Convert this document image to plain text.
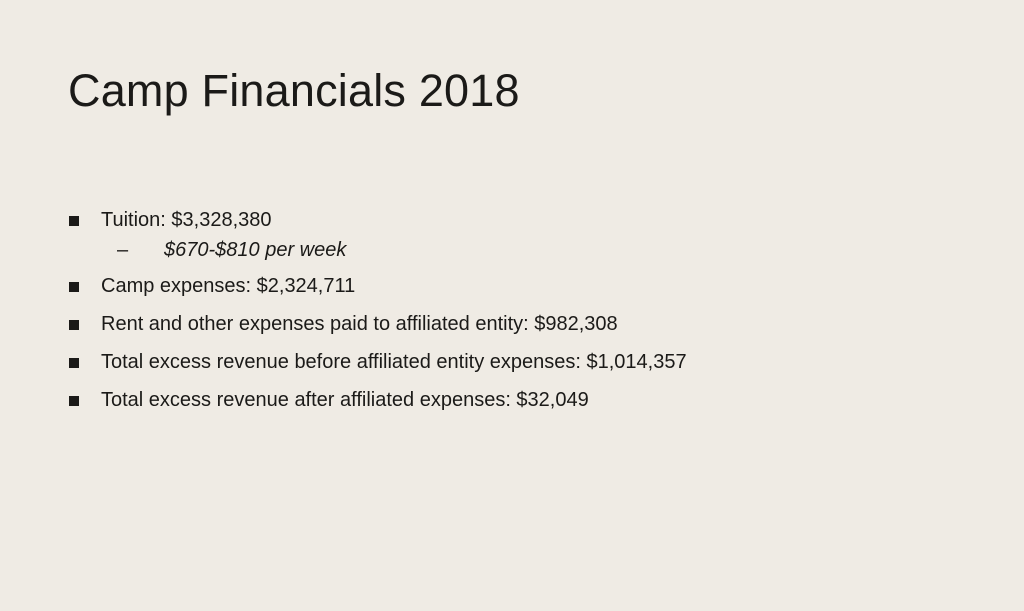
Camp Financials 2018
Tuition: $3,328,380
– $670-$810 per week
Camp expenses: $2,324,711
Rent and other expenses paid to affiliated entity: $982,308
Total excess revenue before affiliated entity expenses: $1,014,357
Total excess revenue after affiliated expenses: $32,049
